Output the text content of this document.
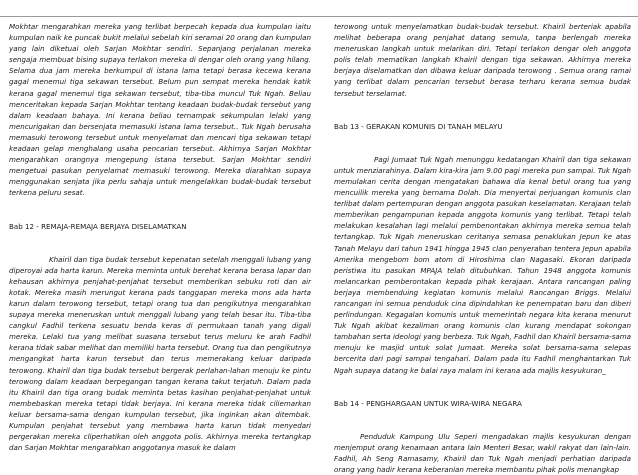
Mokhtar mengarahkan mereka yang terlibat berpecah kepada dua kumpulan iaitu kumpulan naik ke puncak bukit melalui sebelah kiri seramai 20 orang dan kumpulan yang lain diketuai oleh Sarjan Mokhtar sendiri. Sepanjang perjalanan mereka sengaja membuat bising supaya terlakon mereka di dengar oleh orang yang hilang. Selama dua jam mereka berkumpul di istana lama tetapi berasa kecewa kerana gagal menemui tiga sekawan tersebut. Belum pun sempat mereka hendak katik kerana gagal menemui tiga sekawan tersebut, tiba-tiba muncul Tuk Ngah. Beliau menceritakan kepada Sarjan Mokhtar tentang keadaan budak-budak tersebut yang dalam keadaan bahaya. Ini kerana beliau ternampak sekumpulan lelaki yang mencurigakan dan bersenjata memasuki istana lama tersebut.. Tuk Ngah berusaha memasuki terowong tersebut untuk menyelamat dan mencari tiga sekawan tetapi keadaan gelap menghalang usaha pencarian tersebut. Akhirnya Sarjan Mokhtar mengarahkan orangnya mengepung istana tersebut. Sarjan Mokhtar sendiri mengetuai pasukan penyelamat memasuki terowong. Mereka diarahkan supaya menggunakan senjata jika perlu sahaja untuk mengelakkan budak-budak tersebut terkena peluru sesat.

Bab 12 - REMAJA-REMAJA BERJAYA DISELAMATKAN

Khairil dan tiga budak tersebut kepenatan setelah menggali lubang yang diperoyai ada harta karun. Mereka meminta untuk berehat kerana berasa lapar dan kehausan akhirnya penjahat-penjahat tersebut memberikan sebuku roti dan air kotak. Mereka masih merungut kerana pads tanggapan mereka mons ada harta karun dalam terowong tersebut, tetapi orang tua dan pengikutnya mengarahkan supaya mereka meneruskan untuk menggali lubang yang telah besar itu. Tiba-tiba cangkul Fadhil terkena sesuatu benda keras di permukaan tanah yang digali mereka. Lelaki tua yang melihat suasana tersebut terus meluru ke arah Fadhil kerana tidak sabar melihat dan memiliki harta tersebut. Orang tua dan pengikutnya mengangkat harta karun tersebut dan terus memerakang keluar daripada terowong. Khairil dan tiga budak tersebut bergerak perlahan-lahan menuju ke pintu terowong dalam keadaan berpegangan tangan kerana takut terjatuh. Dalam pada itu Khairil dan tiga orang budak meminta betas kasihan penjahat-penjahat untuk membebaskan mereka tetapi tidak berjaya. Ini kerana mereka tidak ciliemarkan keluar bersama-sama dengan kumpulan tersebut, jika inginkan akan ditembak. Kumpulan penjahat tersebut yang membawa harta karun tidak menyedari pergerakan mereka cliperhatikan oleh anggota polis. Akhirnya mereka tertangkap dan Sarjan Mokhtar mengarahkan anggotanya masuk ke dalam

terowong untuk menyelamatkan budak-budak tersebut. Khairil berteriak apabila melihat beberapa orang penjahat datang semula, tanpa berlengah mereka meneruskan langkah untuk melarikan diri. Tetapi terlakon dengar oleh anggota polis telah mematikan langkah Khairil dengan tiga sekawan. Akhirnya mereka berjaya diselamatkan dan dibawa keluar daripada terowong . Semua orang ramai yang terlibat dalam pencarian tersebut berasa terharu kerana semua budak tersebut terselamat.

Bab 13 - GERAKAN KOMUNIS DI TANAH MELAYU

Pagi Jumaat Tuk Ngah menunggu kedatangan Khairil dan tiga sekawan untuk menziarahinya. Dalam kira-kira jam 9.00 pagi mereka pun sampai. Tuk Ngah memulakan cerita dengan mengatakan bahawa dia kenal betul orang tua yang mencuilik mereka yang bernama Dolah. Dia menyertai perjuangan komunis clan terlibat dalam pertempuran dengan anggota pasukan keselamatan. Kerajaan telah memberikan pengampunan kepada anggota komunis yang terlibat. Tetapi telah melakukan kesalahan lagi melalui pembenontakan akhirnya mereka semua telah tertangkap. Tuk Ngah meneruskan ceritanya semasa penaklukan Jepun ke atas Tanah Melayu dari tahun 1941 hingga 1945 clan penyerahan tentera Jepun apabila Amerika mengebom bom atom di Hiroshima clan Nagasaki. Ekoran daripada peristiwa itu pasukan MPAJA telah ditubuhkan. Tahun 1948 anggota komunis melancarkan pemberontakan kepada pihak kerajaan. Antara rancangan paling berjaya membenduing kegiatan komunis melalui Rancangan Briggs. Melalui rancangan ini semua penduduk cina dipindahkan ke penempatan baru dan diberi perlindungan. Kegagalan komunis untuk memerintah negara kita kerana menurut Tuk Ngah akibat kezaliman orang komunis clan kurang mendapat sokongan tambahan serta ideologi yang berbeza. Tuk Ngah, Fadhil dan Khairil bersama-sama menuju ke masjid untuk solat Jumaat. Mereka solat bersama-sama selepas bercerita dari pagi sampai tengahari. Dalam pada itu Fadhil menghantarkan Tuk Ngah supaya datang ke balai raya malam ini kerana ada majlis kesyukuran_

Bab 14 - PENGHARGAAN UNTUK WIRA-WIRA NEGARA

Penduduk Kampung Ulu Seperi mengadakan majlis kesyukuran dengan menjemput orang kenamaan antara lain Menteri Besar, wakil rakyat dan lain-lain. Fadhil, Ah Seng Ramasamy, Khairil dan Tuk Ngah menjadi perhatian daripada orang yang hadir kerana keberanian mereka membantu pihak polis menangkap
